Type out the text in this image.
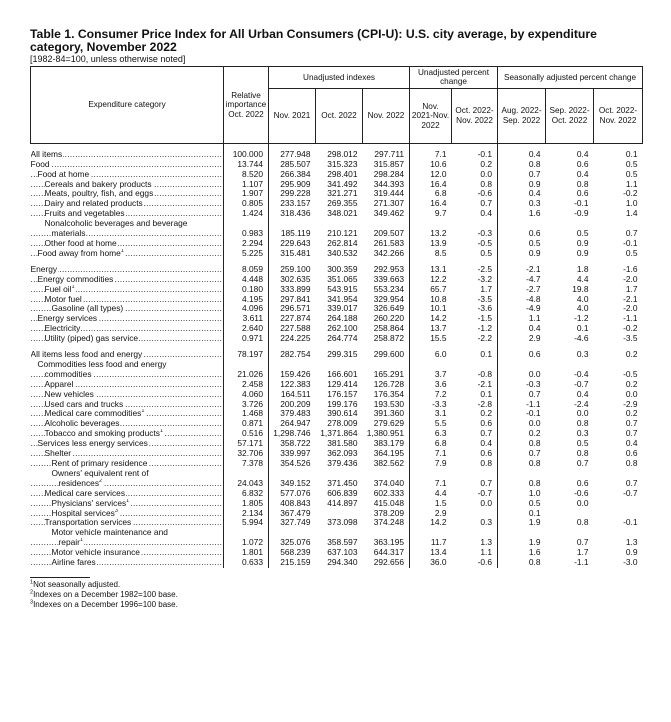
Table 1. Consumer Price Index for All Urban Consumers (CPI-U): U.S. city average, by expenditure category, November 2022
[1982-84=100, unless otherwise noted]
Expenditure category	Relative importance Oct. 2022	Unadjusted indexes			Unadjusted percent change		Seasonally adjusted percent change		
		Nov. 2021	Oct. 2022	Nov. 2022	Nov. 2021-Nov. 2022	Oct. 2022-Nov. 2022	Aug. 2022-Sep. 2022	Sep. 2022-Oct. 2022	Oct. 2022-Nov. 2022
All items .....	100.000	277.948	298.012	297.711	7.1	-0.1	0.4	0.4	0.1
Food .....	13.744	285.507	315.323	315.857	10.6	0.2	0.8	0.6	0.5
Food at home .....	8.520	266.384	298.401	298.284	12.0	0.0	0.7	0.4	0.5
Cereals and bakery products .....	1.107	295.909	341.492	344.393	16.4	0.8	0.9	0.8	1.1
Meats, poultry, fish, and eggs .....	1.907	299.228	321.271	319.444	6.8	-0.6	0.4	0.6	-0.2
Dairy and related products .....	0.805	233.157	269.355	271.307	16.4	0.7	0.3	-0.1	1.0
Fruits and vegetables .....	1.424	318.436	348.021	349.462	9.7	0.4	1.6	-0.9	1.4
Nonalcoholic beverages and beverage									
materials .....	0.983	185.119	210.121	209.507	13.2	-0.3	0.6	0.5	0.7
Other food at home .....	2.294	229.643	262.814	261.583	13.9	-0.5	0.5	0.9	-0.1
Food away from home$^1$ .....	5.225	315.481	340.532	342.266	8.5	0.5	0.9	0.9	0.5

Energy .....	8.059	259.100	300.359	292.953	13.1	-2.5	-2.1	1.8	-1.6
Energy commodities .....	4.448	302.635	351.065	339.663	12.2	-3.2	-4.7	4.4	-2.0
Fuel oil$^1$ .....	0.180	333.899	543.915	553.234	65.7	1.7	-2.7	19.8	1.7
Motor fuel .....	4.195	297.841	341.954	329.954	10.8	-3.5	-4.8	4.0	-2.1
Gasoline (all types) .....	4.096	296.571	339.017	326.649	10.1	-3.6	-4.9	4.0	-2.0
Energy services .....	3.611	227.874	264.188	260.220	14.2	-1.5	1.1	-1.2	-1.1
Electricity .....	2.640	227.588	262.100	258.864	13.7	-1.2	0.4	0.1	-0.2
Utility (piped) gas service .....	0.971	224.225	264.774	258.872	15.5	-2.2	2.9	-4.6	-3.5

All items less food and energy .....	78.197	282.754	299.315	299.600	6.0	0.1	0.6	0.3	0.2
Commodities less food and energy									
commodities .....	21.026	159.426	166.601	165.291	3.7	-0.8	0.0	-0.4	-0.5
Apparel .....	2.458	122.383	129.414	126.728	3.6	-2.1	-0.3	-0.7	0.2
New vehicles .....	4.060	164.511	176.157	176.354	7.2	0.1	0.7	0.4	0.0
Used cars and trucks .....	3.726	200.209	199.176	193.530	-3.3	-2.8	-1.1	-2.4	-2.9
Medical care commodities$^1$ .....	1.468	379.483	390.614	391.360	3.1	0.2	-0.1	0.0	0.2
Alcoholic beverages .....	0.871	264.947	278.009	279.629	5.5	0.6	0.0	0.8	0.7
Tobacco and smoking products$^1$ .....	0.516	1,298.746	1,371.864	1,380.951	6.3	0.7	0.2	0.3	0.7
Services less energy services .....	57.171	358.722	381.580	383.179	6.8	0.4	0.8	0.5	0.4
Shelter .....	32.706	339.997	362.093	364.195	7.1	0.6	0.7	0.8	0.6
Rent of primary residence .....	7.378	354.526	379.436	382.562	7.9	0.8	0.8	0.7	0.8
Owners' equivalent rent of									
residences$^2$ .....	24.043	349.152	371.450	374.040	7.1	0.7	0.8	0.6	0.7
Medical care services .....	6.832	577.076	606.839	602.333	4.4	-0.7	1.0	-0.6	-0.7
Physicians' services$^1$ .....	1.805	408.843	414.897	415.048	1.5	0.0	0.5	0.0	
Hospital services$^3$ .....	2.134	367.479		378.209	2.9		0.1		
Transportation services .....	5.994	327.749	373.098	374.248	14.2	0.3	1.9	0.8	-0.1
Motor vehicle maintenance and									
repair$^1$ .....	1.072	325.076	358.597	363.195	11.7	1.3	1.9	0.7	1.3
Motor vehicle insurance .....	1.801	568.239	637.103	644.317	13.4	1.1	1.6	1.7	0.9
Airline fares .....	0.633	215.159	294.340	292.656	36.0	-0.6	0.8	-1.1	-3.0
$^1$Not seasonally adjusted.
$^2$Indexes on a December 1982=100 base.
$^3$Indexes on a December 1996=100 base.
